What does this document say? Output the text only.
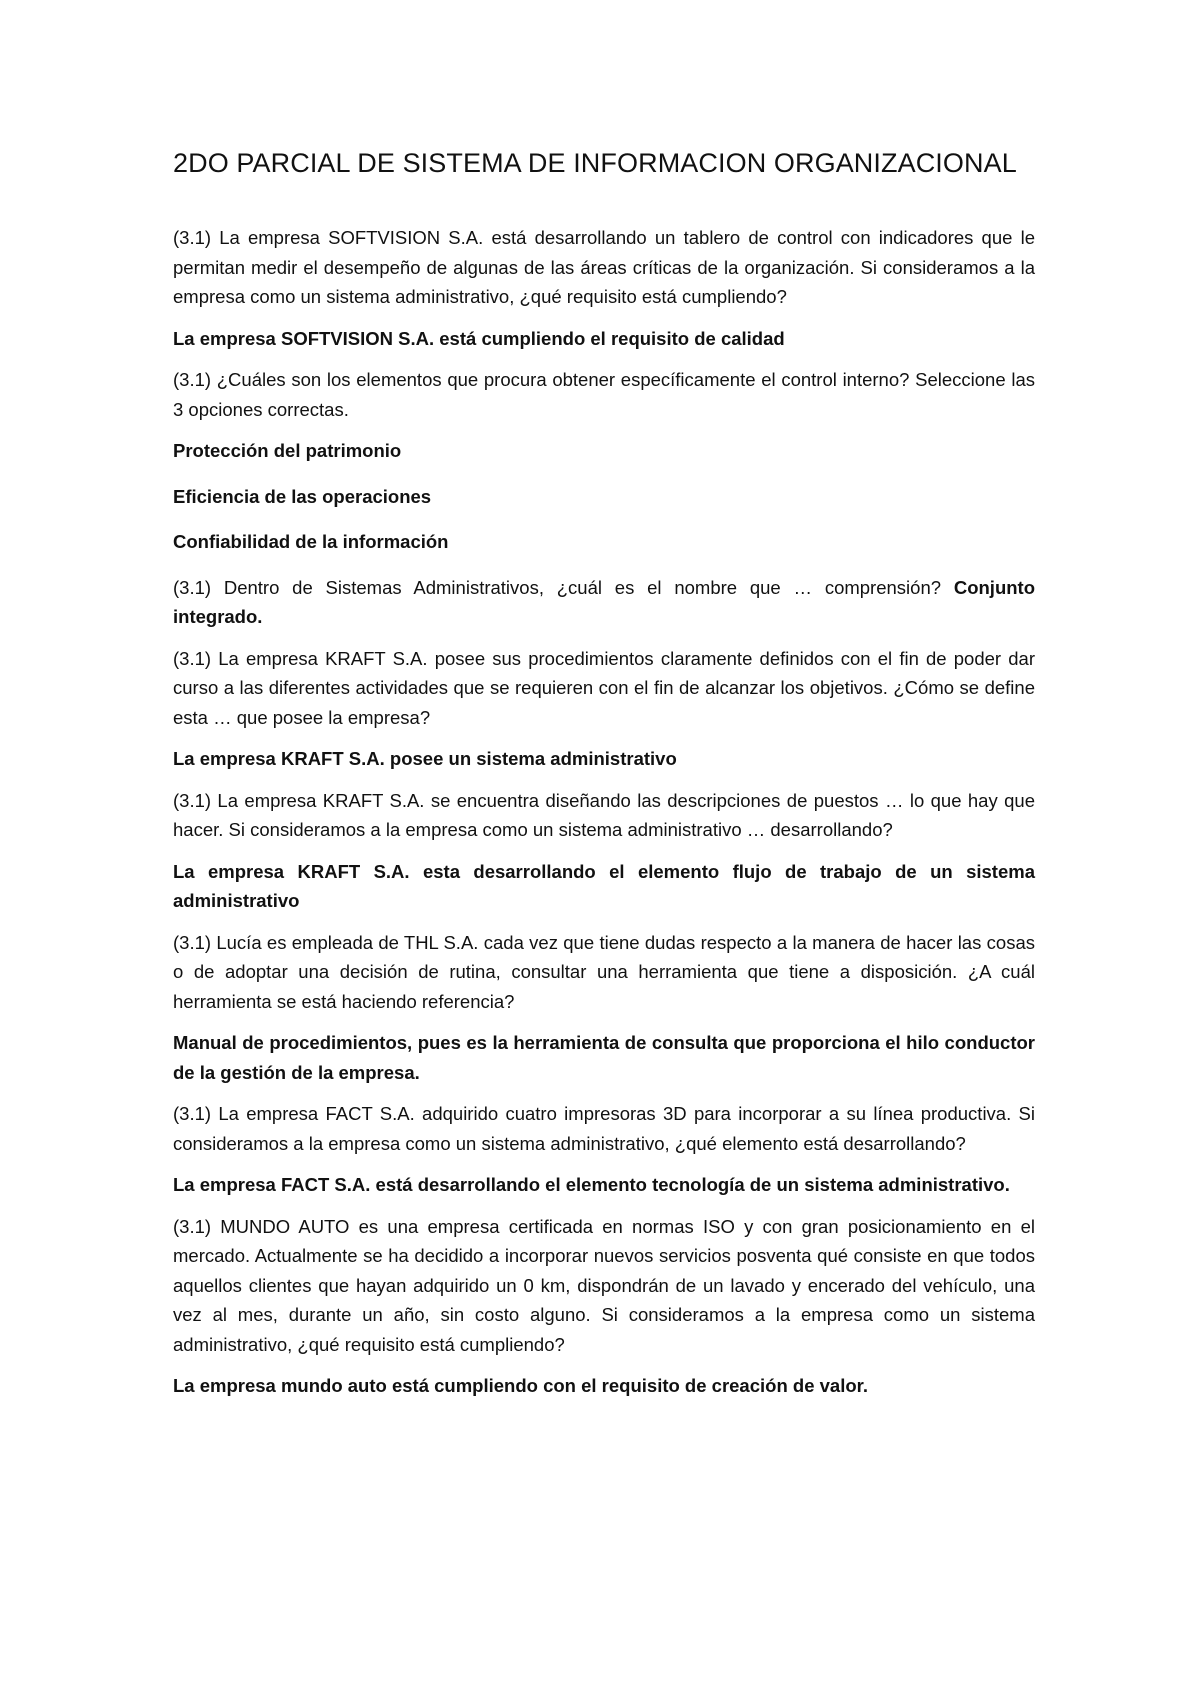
2DO PARCIAL DE SISTEMA DE INFORMACION ORGANIZACIONAL

(3.1) La empresa SOFTVISION S.A. está desarrollando un tablero de control con indicadores que le permitan medir el desempeño de algunas de las áreas críticas de la organización. Si consideramos a la empresa como un sistema administrativo, ¿qué requisito está cumpliendo?

La empresa SOFTVISION S.A. está cumpliendo el requisito de calidad

(3.1) ¿Cuáles son los elementos que procura obtener específicamente el control interno? Seleccione las 3 opciones correctas.

Protección del patrimonio

Eficiencia de las operaciones

Confiabilidad de la información

(3.1) Dentro de Sistemas Administrativos, ¿cuál es el nombre que … comprensión? Conjunto integrado.

(3.1) La empresa KRAFT S.A. posee sus procedimientos claramente definidos con el fin de poder dar curso a las diferentes actividades que se requieren con el fin de alcanzar los objetivos. ¿Cómo se define esta … que posee la empresa?

La empresa KRAFT S.A. posee un sistema administrativo

(3.1) La empresa KRAFT S.A. se encuentra diseñando las descripciones de puestos … lo que hay que hacer. Si consideramos a la empresa como un sistema administrativo … desarrollando?

La empresa KRAFT S.A. esta desarrollando el elemento flujo de trabajo de un sistema administrativo

(3.1) Lucía es empleada de THL S.A. cada vez que tiene dudas respecto a la manera de hacer las cosas o de adoptar una decisión de rutina, consultar una herramienta que tiene a disposición. ¿A cuál herramienta se está haciendo referencia?

Manual de procedimientos, pues es la herramienta de consulta que proporciona el hilo conductor de la gestión de la empresa.

(3.1) La empresa FACT S.A. adquirido cuatro impresoras 3D para incorporar a su línea productiva. Si consideramos a la empresa como un sistema administrativo, ¿qué elemento está desarrollando?

La empresa FACT S.A. está desarrollando el elemento tecnología de un sistema administrativo.

(3.1) MUNDO AUTO es una empresa certificada en normas ISO y con gran posicionamiento en el mercado. Actualmente se ha decidido a incorporar nuevos servicios posventa qué consiste en que todos aquellos clientes que hayan adquirido un 0 km, dispondrán de un lavado y encerado del vehículo, una vez al mes, durante un año, sin costo alguno. Si consideramos a la empresa como un sistema administrativo, ¿qué requisito está cumpliendo?

La empresa mundo auto está cumpliendo con el requisito de creación de valor.
